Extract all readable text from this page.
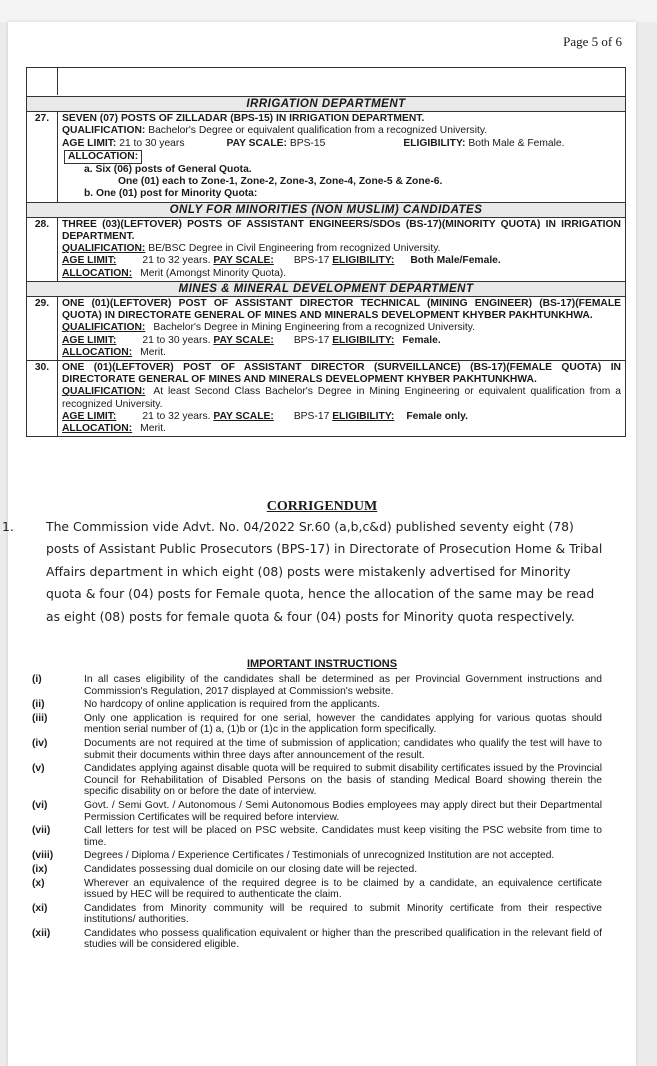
Page 5 of 6
IRRIGATION DEPARTMENT
27.	SEVEN (07) POSTS OF ZILLADAR (BPS-15) IN IRRIGATION DEPARTMENT.
QUALIFICATION: Bachelor's Degree or equivalent qualification from a recognized University.
AGE LIMIT: 21 to 30 years	PAY SCALE: BPS-15	ELIGIBILITY: Both Male & Female.
ALLOCATION:
a. Six (06) posts of General Quota.
One (01) each to Zone-1, Zone-2, Zone-3, Zone-4, Zone-5 & Zone-6.
b. One (01) post for Minority Quota:
ONLY FOR MINORITIES (NON MUSLIM) CANDIDATES
28.	THREE (03)(LEFTOVER) POSTS OF ASSISTANT ENGINEERS/SDOs (BS-17)(MINORITY QUOTA) IN IRRIGATION DEPARTMENT.
QUALIFICATION: BE/BSC Degree in Civil Engineering from recognized University.
AGE LIMIT:	21 to 32 years. PAY SCALE: BPS-17 ELIGIBILITY: Both Male/Female.
ALLOCATION: Merit (Amongst Minority Quota).
MINES & MINERAL DEVELOPMENT DEPARTMENT
29.	ONE (01)(LEFTOVER) POST OF ASSISTANT DIRECTOR TECHNICAL (MINING ENGINEER) (BS-17)(FEMALE QUOTA) IN DIRECTORATE GENERAL OF MINES AND MINERALS DEVELOPMENT KHYBER PAKHTUNKHWA.
QUALIFICATION: Bachelor's Degree in Mining Engineering from a recognized University.
AGE LIMIT:	21 to 30 years. PAY SCALE: BPS-17 ELIGIBILITY: Female.
ALLOCATION: Merit.
30.	ONE (01)(LEFTOVER) POST OF ASSISTANT DIRECTOR (SURVEILLANCE) (BS-17)(FEMALE QUOTA) IN DIRECTORATE GENERAL OF MINES AND MINERALS DEVELOPMENT KHYBER PAKHTUNKHWA.
QUALIFICATION: At least Second Class Bachelor's Degree in Mining Engineering or equivalent qualification from a recognized University.
AGE LIMIT:	21 to 32 years. PAY SCALE: BPS-17 ELIGIBILITY: Female only.
ALLOCATION: Merit.
CORRIGENDUM

1.	The Commission vide Advt. No. 04/2022 Sr.60 (a,b,c&d) published seventy eight (78) posts of Assistant Public Prosecutors (BPS-17) in Directorate of Prosecution Home & Tribal Affairs department in which eight (08) posts were mistakenly advertised for Minority quota & four (04) posts for Female quota, hence the allocation of the same may be read as eight (08) posts for female quota & four (04) posts for Minority quota respectively.

IMPORTANT INSTRUCTIONS
(i)	In all cases eligibility of the candidates shall be determined as per Provincial Government instructions and Commission's Regulation, 2017 displayed at Commission's website.
(ii)	No hardcopy of online application is required from the applicants.
(iii)	Only one application is required for one serial, however the candidates applying for various quotas should mention serial number of (1) a, (1)b or (1)c in the application form specifically.
(iv)	Documents are not required at the time of submission of application; candidates who qualify the test will have to submit their documents within three days after announcement of the result.
(v)	Candidates applying against disable quota will be required to submit disability certificates issued by the Provincial Council for Rehabilitation of Disabled Persons on the basis of standing Medical Board showing therein the specific disability on or before the date of interview.
(vi)	Govt. / Semi Govt. / Autonomous / Semi Autonomous Bodies employees may apply direct but their Departmental Permission Certificates will be required before interview.
(vii)	Call letters for test will be placed on PSC website. Candidates must keep visiting the PSC website from time to time.
(viii)	Degrees / Diploma / Experience Certificates / Testimonials of unrecognized Institution are not accepted.
(ix)	Candidates possessing dual domicile on our closing date will be rejected.
(x)	Wherever an equivalence of the required degree is to be claimed by a candidate, an equivalence certificate issued by HEC will be required to authenticate the claim.
(xi)	Candidates from Minority community will be required to submit Minority certificate from their respective institutions/ authorities.
(xii)	Candidates who possess qualification equivalent or higher than the prescribed qualification in the relevant field of studies will be considered eligible.
